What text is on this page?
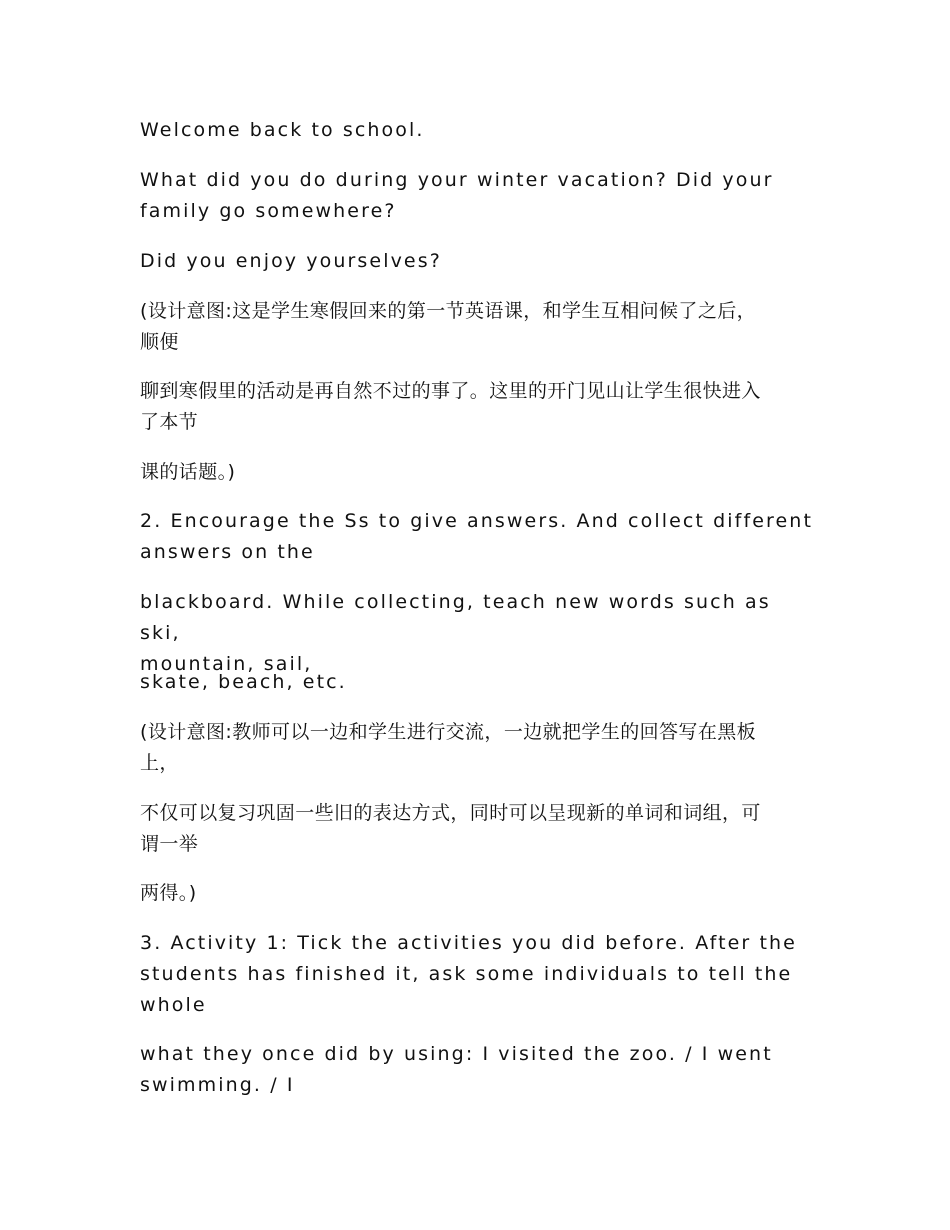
Welcome back to school.

What did you do during your winter vacation? Did your
family go somewhere?

Did you enjoy yourselves?

(设计意图:这是学生寒假回来的第一节英语课，和学生互相问候了之后，
顺便

聊到寒假里的活动是再自然不过的事了。这里的开门见山让学生很快进入
了本节

课的话题。)

2. Encourage the Ss to give answers. And collect different
answers on the

blackboard. While collecting, teach new words such as ski,
mountain, sail,

skate, beach, etc.

(设计意图:教师可以一边和学生进行交流，一边就把学生的回答写在黑板
上，

不仅可以复习巩固一些旧的表达方式，同时可以呈现新的单词和词组，可
谓一举

两得。)

3. Activity 1: Tick the activities you did before. After the
students has finished it, ask some individuals to tell the
whole

what they once did by using: I visited the zoo. / I went
swimming. / I
